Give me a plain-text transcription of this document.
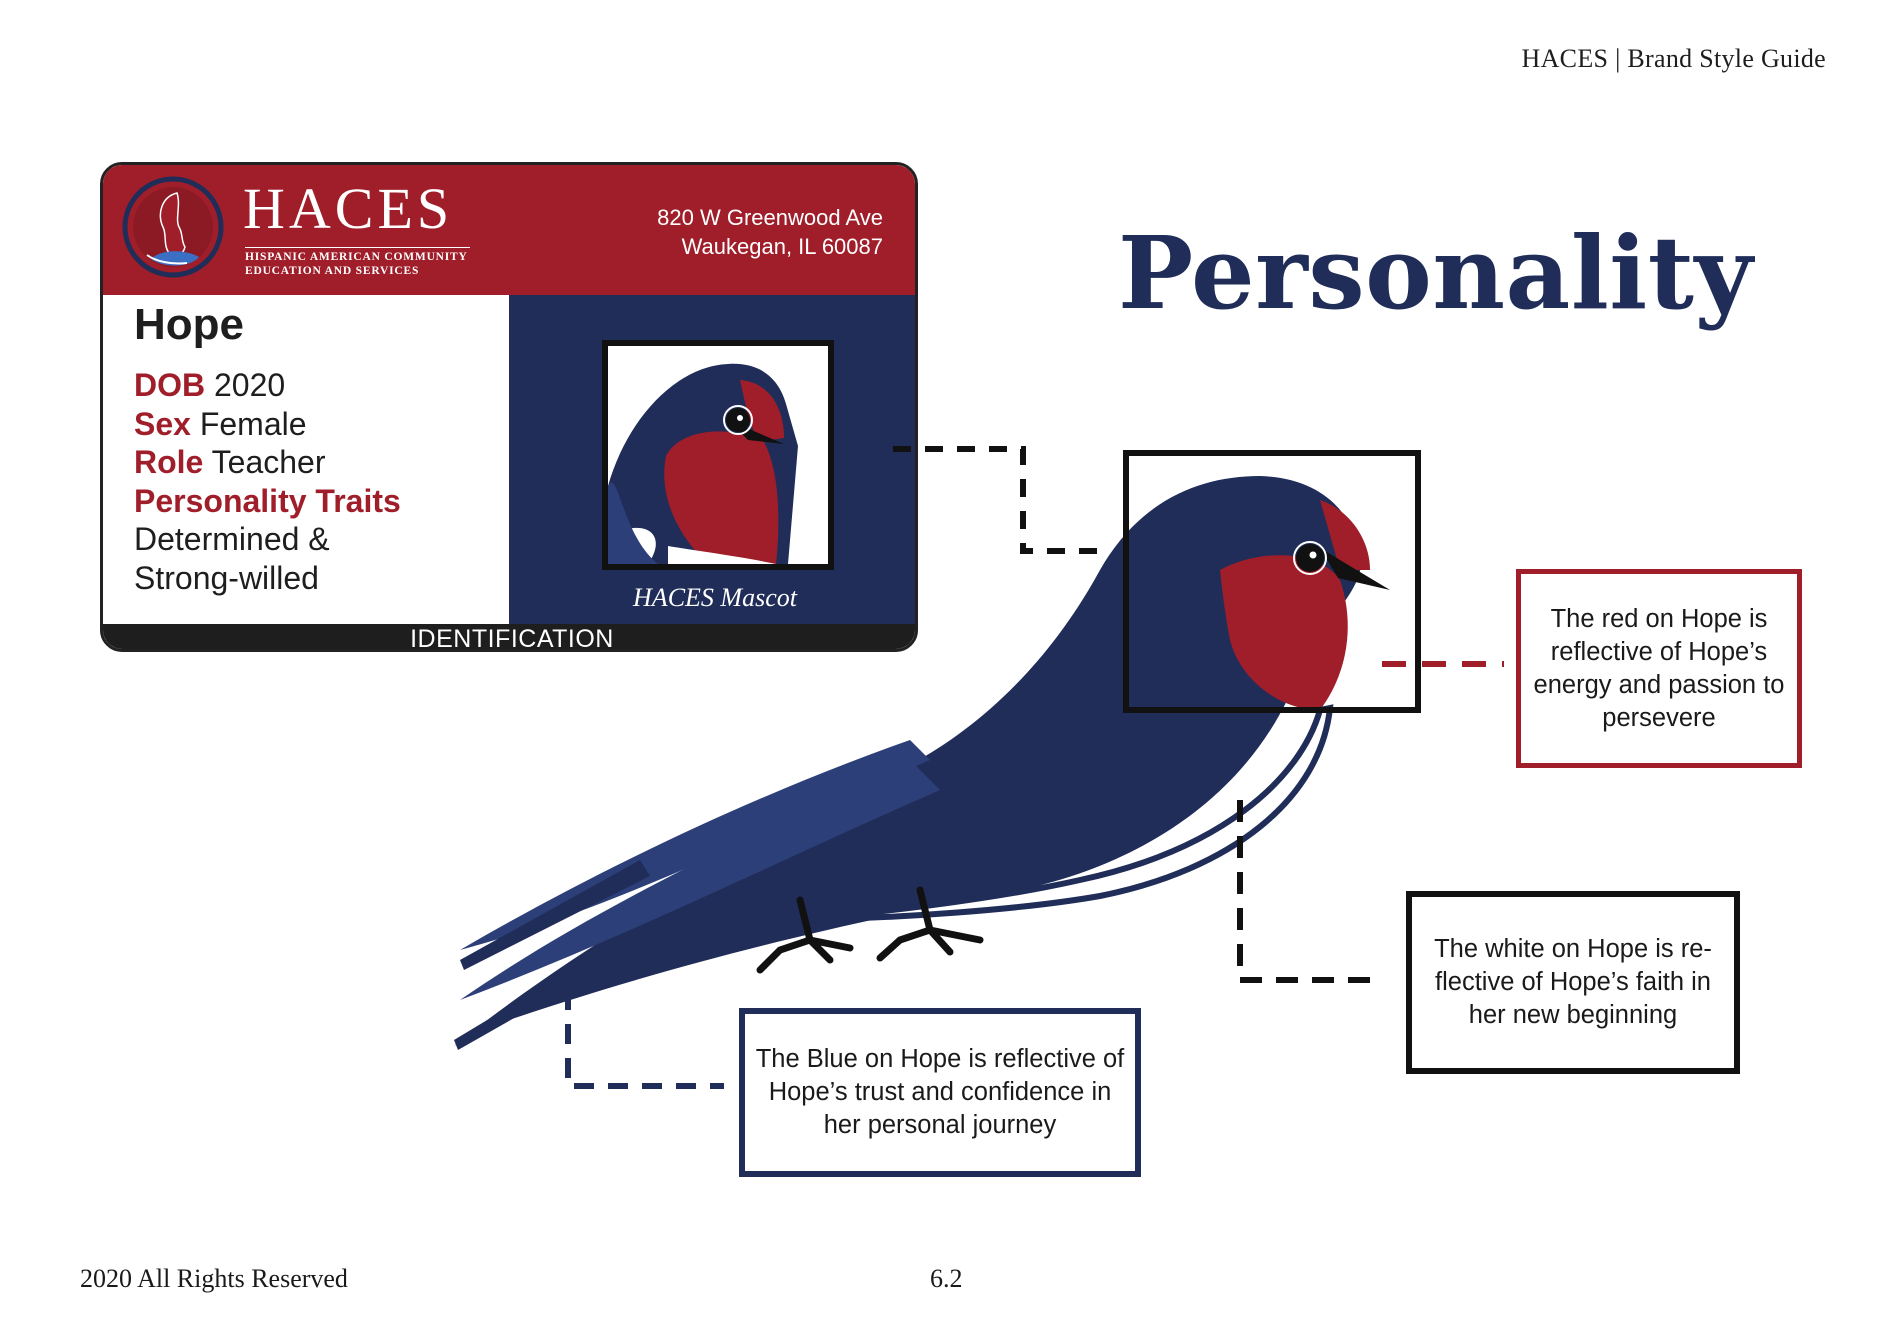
HACES | Brand Style Guide
Personality
HACES
HISPANIC AMERICAN COMMUNITY
EDUCATION AND SERVICES
820 W Greenwood Ave
Waukegan, IL 60087
IDENTIFICATION
HACES Mascot
Hope
DOB 2020
Sex Female
Role Teacher
Personality Traits
Determined &
Strong-willed
The red on Hope is reflective of Hope’s energy and passion to persevere
The white on Hope is re-flective of Hope’s faith in her new beginning
The Blue on Hope is reflective of Hope’s trust and confidence in her personal journey
2020 All Rights Reserved	6.2
